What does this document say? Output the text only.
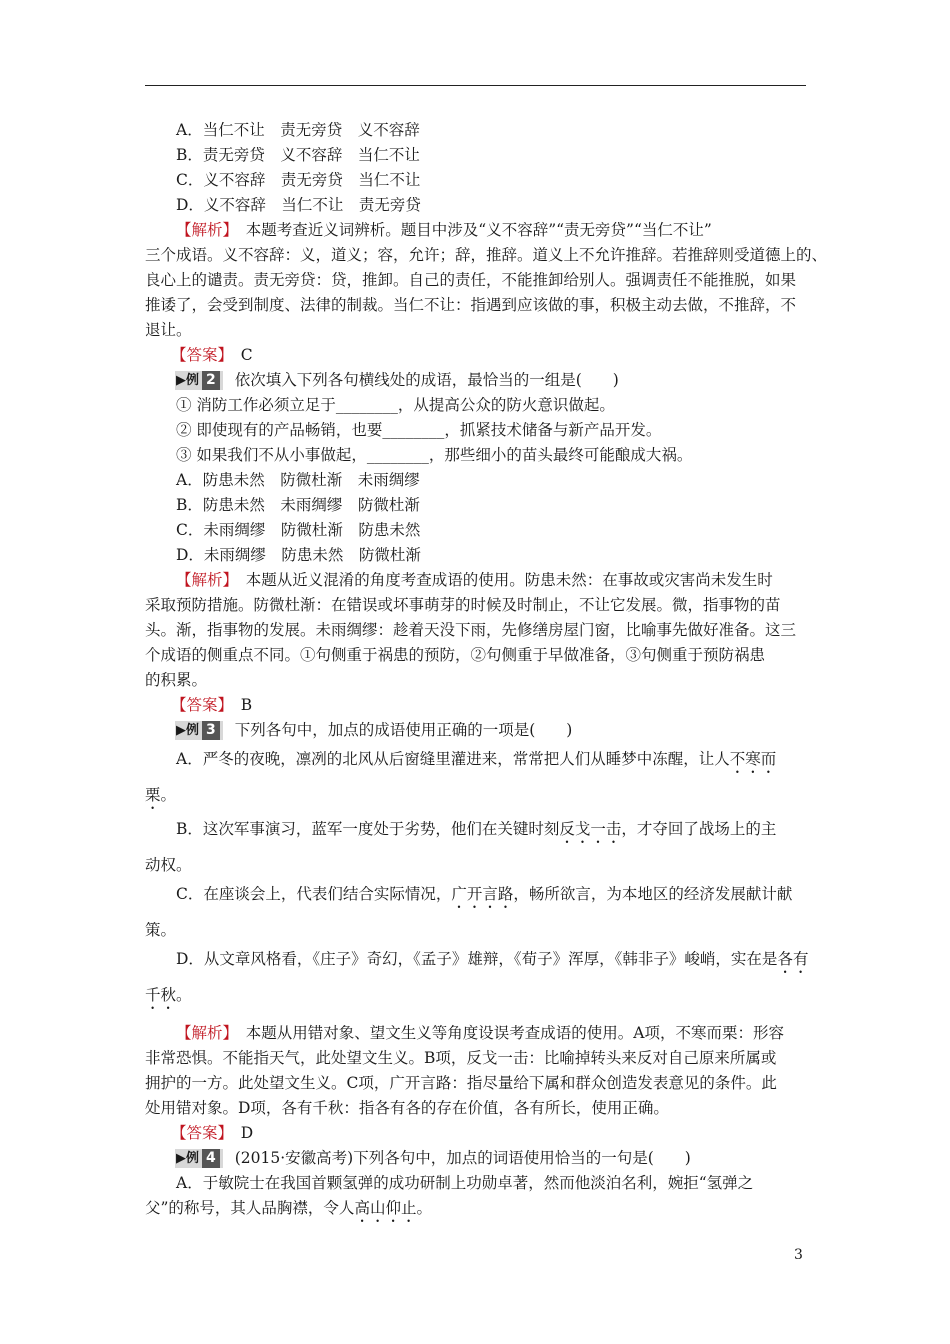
A．当仁不让　责无旁贷　义不容辞
B．责无旁贷　义不容辞　当仁不让
C．义不容辞　责无旁贷　当仁不让
D．义不容辞　当仁不让　责无旁贷
【解析】　本题考查近义词辨析。题目中涉及“义不容辞”“责无旁贷”“当仁不让”
三个成语。义不容辞：义，道义；容，允许；辞，推辞。道义上不允许推辞。若推辞则受道德上的、
良心上的谴责。责无旁贷：贷，推卸。自己的责任，不能推卸给别人。强调责任不能推脱，如果
推诿了，会受到制度、法律的制裁。当仁不让：指遇到应该做的事，积极主动去做，不推辞，不
退让。
【答案】　 C
▶例 2 依次填入下列各句横线处的成语，最恰当的一组是(　　)
① 消防工作必须立足于________，从提高公众的防火意识做起。
② 即使现有的产品畅销，也要________，抓紧技术储备与新产品开发。
③ 如果我们不从小事做起，________，那些细小的苗头最终可能酿成大祸。
A．防患未然　防微杜渐　未雨绸缪
B．防患未然　未雨绸缪　防微杜渐
C．未雨绸缪　防微杜渐　防患未然
D．未雨绸缪　防患未然　防微杜渐
【解析】　本题从近义混淆的角度考查成语的使用。防患未然：在事故或灾害尚未发生时
采取预防措施。防微杜渐：在错误或坏事萌芽的时候及时制止，不让它发展。微，指事物的苗
头。渐，指事物的发展。未雨绸缪：趁着天没下雨，先修缮房屋门窗，比喻事先做好准备。这三
个成语的侧重点不同。①句侧重于祸患的预防，②句侧重于早做准备，③句侧重于预防祸患
的积累。
【答案】　 B
▶例 3 下列各句中，加点的成语使用正确的一项是(　　)
A．严冬的夜晚，凛冽的北风从后窗缝里灌进来，常常把人们从睡梦中冻醒，让人不寒而
栗。
B．这次军事演习，蓝军一度处于劣势，他们在关键时刻反戈一击，才夺回了战场上的主
动权。
C．在座谈会上，代表们结合实际情况，广开言路，畅所欲言，为本地区的经济发展献计献
策。
D．从文章风格看，《庄子》奇幻，《孟子》雄辩，《荀子》浑厚，《韩非子》峻峭，实在是各有
千秋。
【解析】　本题从用错对象、望文生义等角度设误考查成语的使用。A项，不寒而栗：形容
非常恐惧。不能指天气，此处望文生义。B项，反戈一击：比喻掉转头来反对自己原来所属或
拥护的一方。此处望文生义。C项，广开言路：指尽量给下属和群众创造发表意见的条件。此
处用错对象。D项，各有千秋：指各有各的存在价值，各有所长，使用正确。
【答案】　 D
▶例 4 (2015·安徽高考)下列各句中，加点的词语使用恰当的一句是(　　)
A．于敏院士在我国首颗氢弹的成功研制上功勋卓著，然而他淡泊名利，婉拒“氢弹之
父”的称号，其人品胸襟，令人高山仰止。
3
